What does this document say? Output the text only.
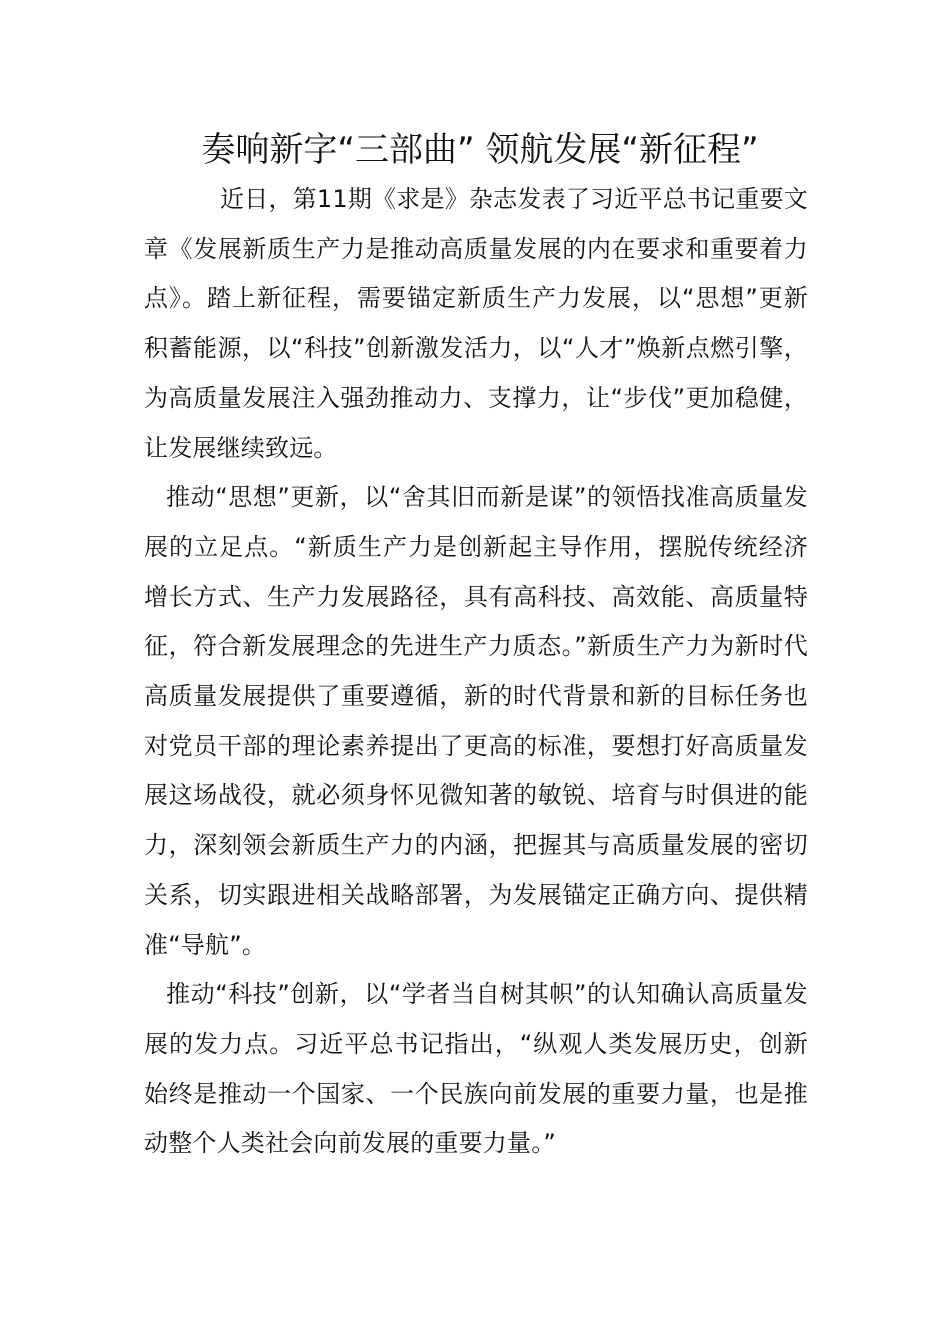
奏响新字“三部曲” 领航发展“新征程”

近日，第11期《求是》杂志发表了习近平总书记重要文章《发展新质生产力是推动高质量发展的内在要求和重要着力点》。踏上新征程，需要锚定新质生产力发展，以“思想”更新积蓄能源，以“科技”创新激发活力，以“人才”焕新点燃引擎，为高质量发展注入强劲推动力、支撑力，让“步伐”更加稳健，让发展继续致远。

推动“思想”更新，以“舍其旧而新是谋”的领悟找准高质量发展的立足点。“新质生产力是创新起主导作用，摆脱传统经济增长方式、生产力发展路径，具有高科技、高效能、高质量特征，符合新发展理念的先进生产力质态。”新质生产力为新时代高质量发展提供了重要遵循，新的时代背景和新的目标任务也对党员干部的理论素养提出了更高的标准，要想打好高质量发展这场战役，就必须身怀见微知著的敏锐、培育与时俱进的能力，深刻领会新质生产力的内涵，把握其与高质量发展的密切关系，切实跟进相关战略部署，为发展锚定正确方向、提供精准“导航”。

推动“科技”创新，以“学者当自树其帜”的认知确认高质量发展的发力点。习近平总书记指出，“纵观人类发展历史，创新始终是推动一个国家、一个民族向前发展的重要力量，也是推动整个人类社会向前发展的重要力量。”
